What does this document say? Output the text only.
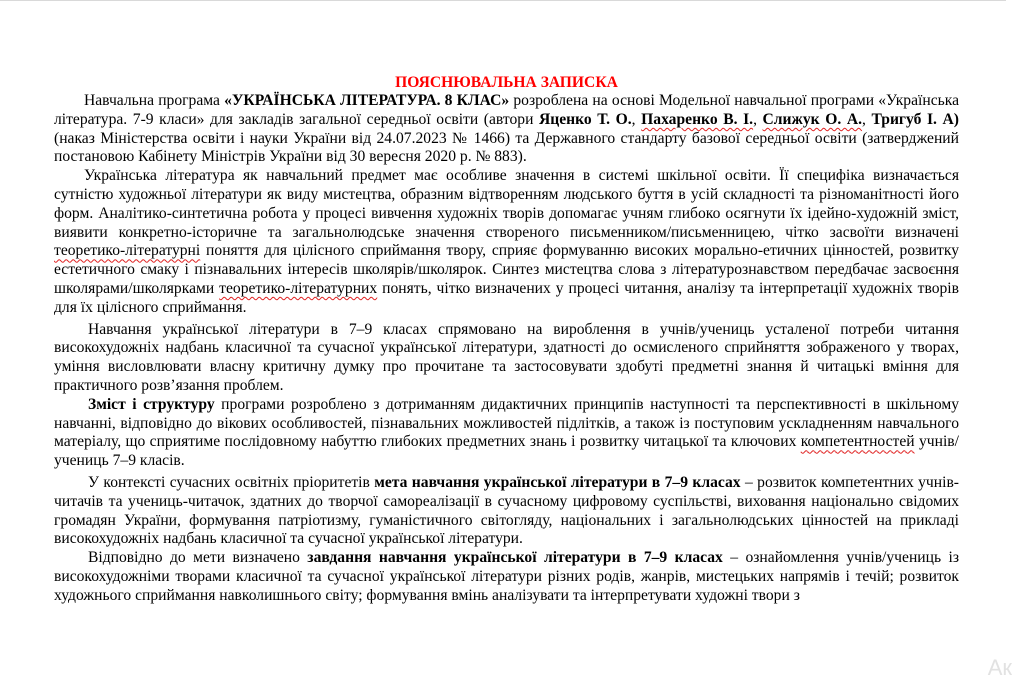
ПОЯСНЮВАЛЬНА ЗАПИСКА

Навчальна програма «УКРАЇНСЬКА ЛІТЕРАТУРА. 8 КЛАС» розроблена на основі Модельної навчальної програми «Українська література. 7-9 класи» для закладів загальної середньої освіти (автори Яценко Т. О., Пахаренко В. І., Слижук О. А., Тригуб І. А) (наказ Міністерства освіти і науки України від 24.07.2023 № 1466) та Державного стандарту базової середньої освіти (затверджений постановою Кабінету Міністрів України від 30 вересня 2020 р. № 883).

Українська література як навчальний предмет має особливе значення в системі шкільної освіти. Її специфіка визначається сутністю художньої літератури як виду мистецтва, образним відтворенням людського буття в усій складності та різноманітності його форм. Аналітико-синтетична робота у процесі вивчення художніх творів допомагає учням глибоко осягнути їх ідейно-художній зміст, виявити конкретно-історичне та загальнолюдське значення створеного письменником/письменницею, чітко засвоїти визначені теоретико-літературні поняття для цілісного сприймання твору, сприяє формуванню високих морально-етичних цінностей, розвитку естетичного смаку і пізнавальних інтересів школярів/школярок. Синтез мистецтва слова з літературознавством передбачає засвоєння школярами/школярками теоретико-літературних понять, чітко визначених у процесі читання, аналізу та інтерпретації художніх творів для їх цілісного сприймання.

Навчання української літератури в 7–9 класах спрямовано на вироблення в учнів/учениць усталеної потреби читання високохудожніх надбань класичної та сучасної української літератури, здатності до осмисленого сприйняття зображеного у творах, уміння висловлювати власну критичну думку про прочитане та застосовувати здобуті предметні знання й читацькі вміння для практичного розв’язання проблем.

Зміст і структуру програми розроблено з дотриманням дидактичних принципів наступності та перспективності в шкільному навчанні, відповідно до вікових особливостей, пізнавальних можливостей підлітків, а також із поступовим ускладненням навчального матеріалу, що сприятиме послідовному набуттю глибоких предметних знань і розвитку читацької та ключових компетентностей учнів/учениць 7–9 класів.

У контексті сучасних освітніх пріоритетів мета навчання української літератури в 7–9 класах – розвиток компетентних учнів-читачів та учениць-читачок, здатних до творчої самореалізації в сучасному цифровому суспільстві, виховання національно свідомих громадян України, формування патріотизму, гуманістичного світогляду, національних і загальнолюдських цінностей на прикладі високохудожніх надбань класичної та сучасної української літератури.

Відповідно до мети визначено завдання навчання української літератури в 7–9 класах – ознайомлення учнів/учениць із високохудожніми творами класичної та сучасної української літератури різних родів, жанрів, мистецьких напрямів і течій; розвиток художнього сприймання навколишнього світу; формування вмінь аналізувати та інтерпретувати художні твори з

Ак
